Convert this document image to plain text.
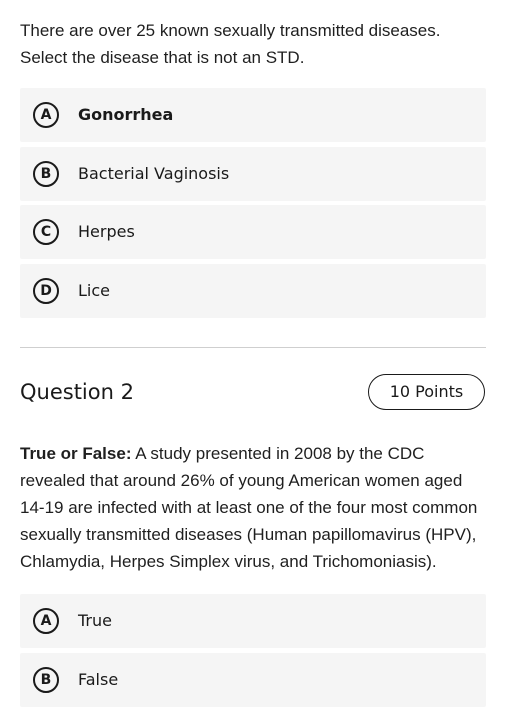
There are over 25 known sexually transmitted diseases.

Select the disease that is not an STD.

A	Gonorrhea
B	Bacterial Vaginosis
C	Herpes
D	Lice
Question 2	10 Points

True or False: A study presented in 2008 by the CDC revealed that around 26% of young American women aged 14-19 are infected with at least one of the four most common sexually transmitted diseases (Human papillomavirus (HPV), Chlamydia, Herpes Simplex virus, and Trichomoniasis).

A	True
B	False
